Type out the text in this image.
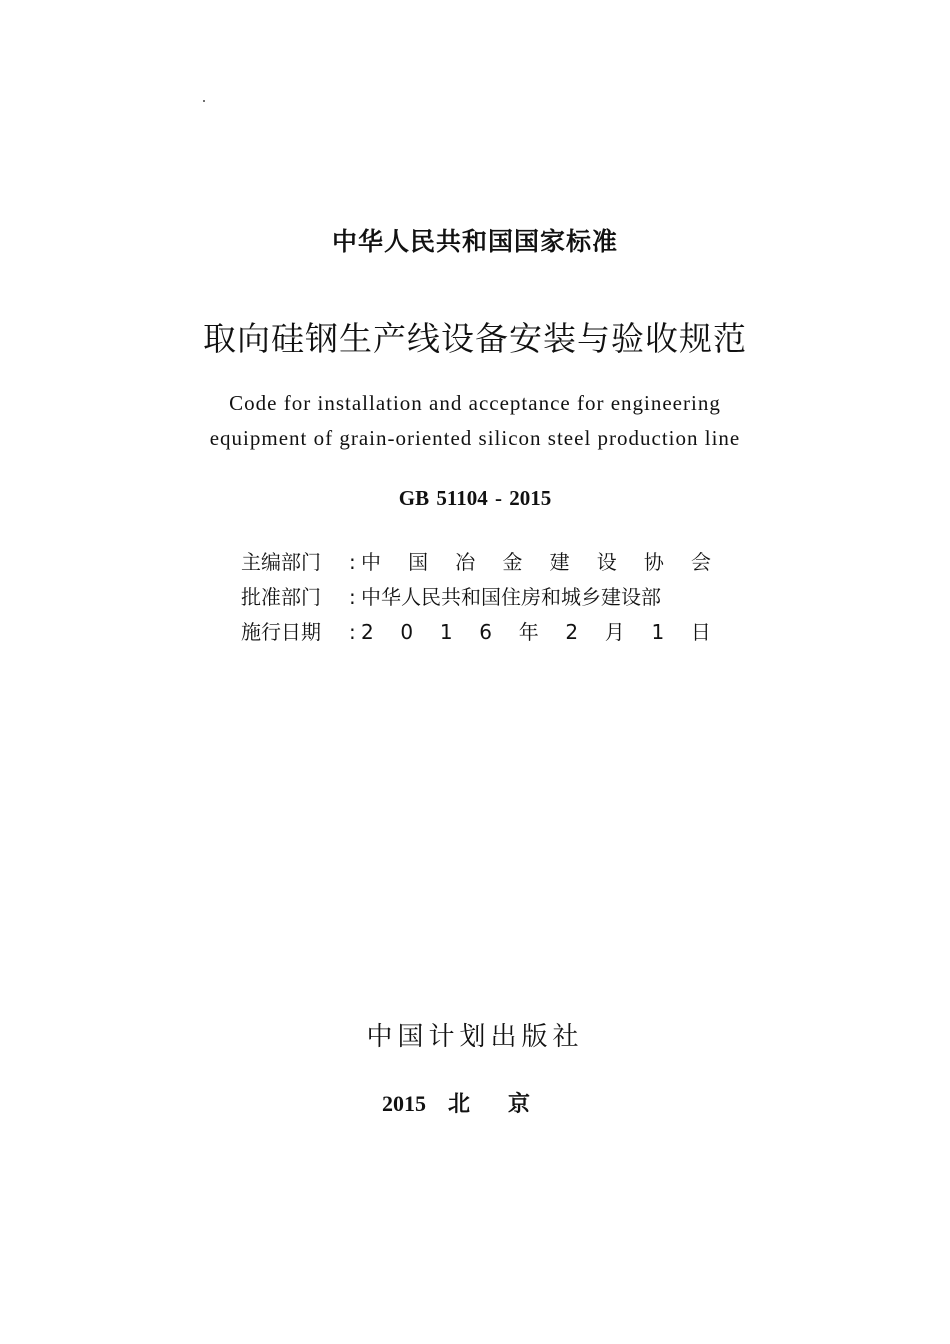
中华人民共和国国家标准
取向硅钢生产线设备安装与验收规范
Code for installation and acceptance for engineering
equipment of grain-oriented silicon steel production line
GB 51104 - 2015
主编部门	: 中 国 冶 金 建 设 协 会
批准部门	: 中华人民共和国住房和城乡建设部
施行日期	: 2 0 1 6 年 2 月 1 日
中国计划出版社
2015 北京
